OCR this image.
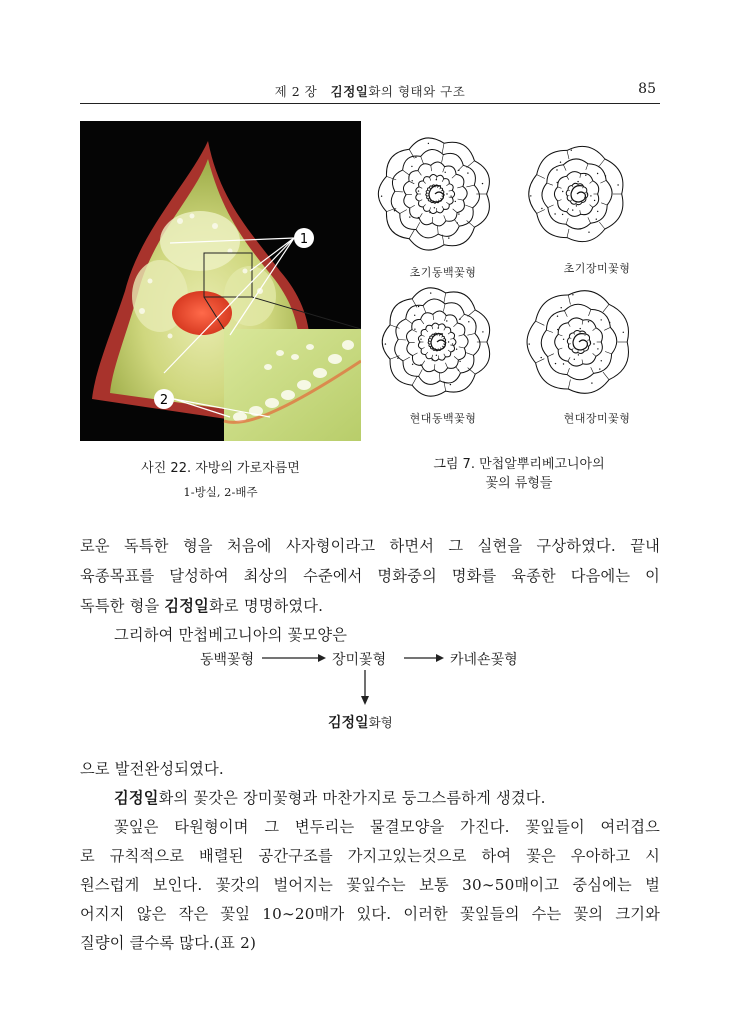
제 2 장 김정일화의 형태와 구조	85
1
2
사진 22. 자방의 가로자름면
1-방실, 2-배주
초기동백꽃형	초기장미꽃형
현대동백꽃형	현대장미꽃형
그림 7. 만첩알뿌리베고니아의
꽃의 류형들
로운 독특한 형을 처음에 사자형이라고 하면서 그 실현을 구상하였다. 끝내
육종목표를 달성하여 최상의 수준에서 명화중의 명화를 육종한 다음에는 이
독특한 형을 김정일화로 명명하였다.
그리하여 만첩베고니아의 꽃모양은
동백꽃형	장미꽃형	카네숀꽃형
김정일화형
으로 발전완성되였다.
김정일화의 꽃갓은 장미꽃형과 마찬가지로 둥그스름하게 생겼다.
꽃잎은 타원형이며 그 변두리는 물결모양을 가진다. 꽃잎들이 여러겹으
로 규칙적으로 배렬된 공간구조를 가지고있는것으로 하여 꽃은 우아하고 시
원스럽게 보인다. 꽃갓의 벌어지는 꽃잎수는 보통 30∼50매이고 중심에는 벌
어지지 않은 작은 꽃잎 10∼20매가 있다. 이러한 꽃잎들의 수는 꽃의 크기와
질량이 클수록 많다.(표 2)
